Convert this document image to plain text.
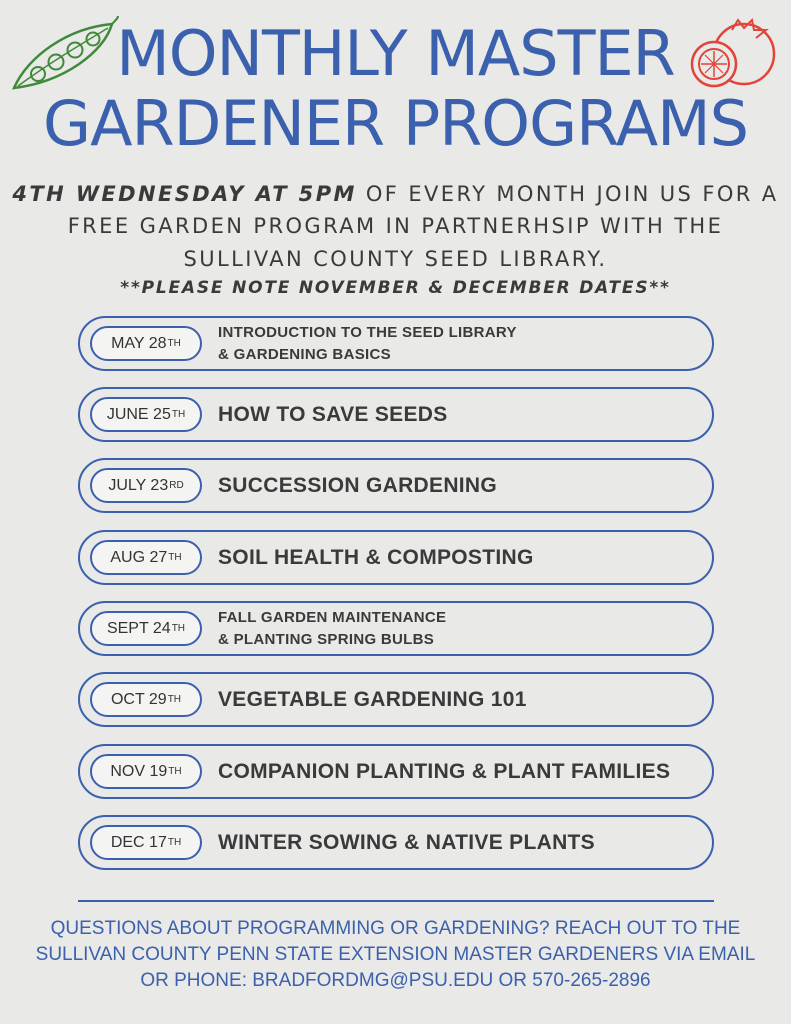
MONTHLY MASTER
GARDENER PROGRAMS
4TH WEDNESDAY AT 5PM OF EVERY MONTH JOIN US FOR A
FREE GARDEN PROGRAM IN PARTNERHSIP WITH THE
SULLIVAN COUNTY SEED LIBRARY.
**PLEASE NOTE NOVEMBER & DECEMBER DATES**
MAY 28 TH
INTRODUCTION TO THE SEED LIBRARY
& GARDENING BASICS
JUNE 25 TH HOW TO SAVE SEEDS
JULY 23 RD SUCCESSION GARDENING
AUG 27 TH SOIL HEALTH & COMPOSTING
SEPT 24 TH
FALL GARDEN MAINTENANCE
& PLANTING SPRING BULBS
OCT 29 TH VEGETABLE GARDENING 101
NOV 19 TH COMPANION PLANTING & PLANT FAMILIES
DEC 17 TH WINTER SOWING & NATIVE PLANTS
QUESTIONS ABOUT PROGRAMMING OR GARDENING? REACH OUT TO THE
SULLIVAN COUNTY PENN STATE EXTENSION MASTER GARDENERS VIA EMAIL
OR PHONE: BRADFORDMG@PSU.EDU OR 570-265-2896
